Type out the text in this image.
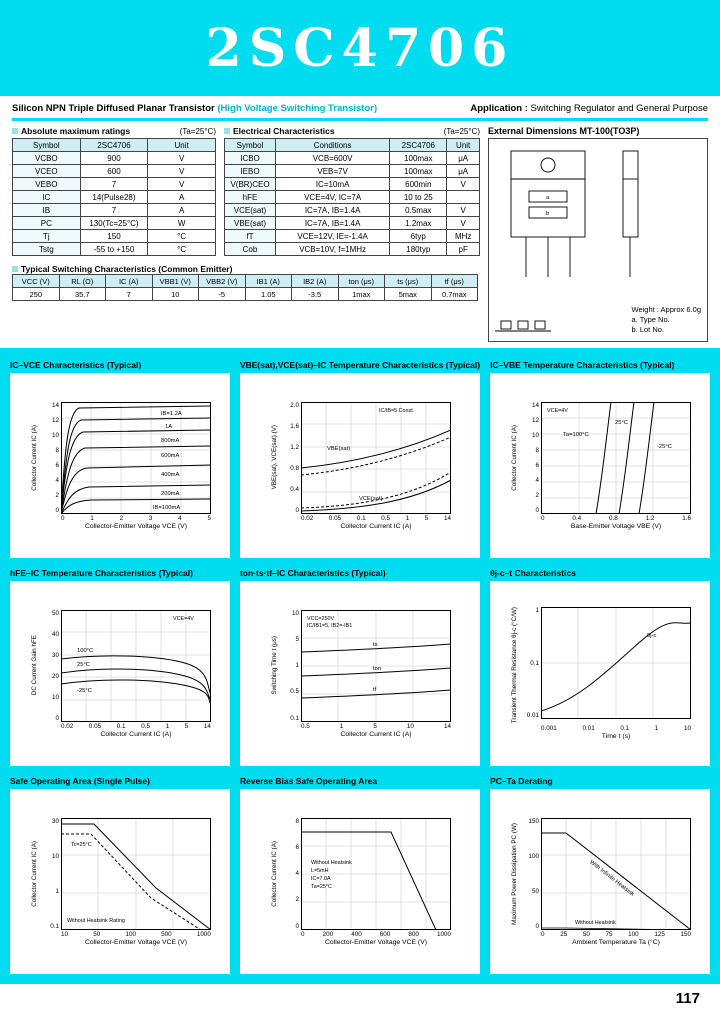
2SC4706
Silicon NPN Triple Diffused Planar Transistor (High Voltage Switching Transistor)	Application : Switching Regulator and General Purpose
Absolute maximum ratings	(Ta=25°C)
Symbol	2SC4706	Unit
VCBO	900	V
VCEO	600	V
VEBO	7	V
IC	14(Pulse28)	A
IB	7	A
PC	130(Tc=25°C)	W
Tj	150	°C
Tstg	-55 to +150	°C
Electrical Characteristics	(Ta=25°C)
Symbol	Conditions	2SC4706	Unit
ICBO	VCB=600V	100max	μA
IEBO	VEB=7V	100max	μA
V(BR)CEO	IC=10mA	600min	V
hFE	VCE=4V, IC=7A	10 to 25	
VCE(sat)	IC=7A, IB=1.4A	0.5max	V
VBE(sat)	IC=7A, IB=1.4A	1.2max	V
fT	VCE=12V, IE=-1.4A	6typ	MHz
Cob	VCB=10V, f=1MHz	180typ	pF
Typical Switching Characteristics (Common Emitter)
VCC (V)	RL (Ω)	IC (A)	VBB1 (V)	VBB2 (V)	IB1 (A)	IB2 (A)	ton (μs)	ts (μs)	tf (μs)
250	35.7	7	10	-5	1.05	-3.5	1max	5max	0.7max
External Dimensions MT-100(TO3P)
a
b
Weight : Approx 6.0g
a. Type No.
b. Lot No.
IC–VCE Characteristics (Typical)
Collector Current IC (A)
14
12
10
8
6
4
2
0
IB=1.2A
1A
800mA
600mA
400mA
200mA
IB=100mA
0	1	2	3	4	5
Collector-Emitter Voltage VCE (V)
VBE(sat),VCE(sat)–IC Temperature Characteristics (Typical)
VBE(sat), VCE(sat) (V)
2.0
1.6
1.2
0.8
0.4
0
VBE(sat)
VCE(sat)
IC/IB=5 Const.
0.02 0.05 0.1 0.5 1 5 14
Collector Current IC (A)
IC–VBE Temperature Characteristics (Typical)
Collector Current IC (A)
14
12
10
8
6
4
2
0
Ta=100°C
25°C
-25°C
VCE=4V
0	0.4	0.8	1.2	1.6
Base-Emitter Voltage VBE (V)
hFE–IC Temperature Characteristics (Typical)
DC Current Gain hFE
50
40
30
20
10
0
100°C
25°C
-25°C
VCE=4V
0.02 0.05 0.1 0.5 1 5 14
Collector Current IC (A)
ton·ts·tf–IC Characteristics (Typical)
Switching Time t (μs)
10
5
1
0.5
0.1
ts
ton
tf
VCC=250V
IC/IB1=5, IB2=-IB1
0.5	1	5	10	14
Collector Current IC (A)
θj-c–t Characteristics
Transient Thermal Resistance θj-c (°C/W)	1
0.1
0.01
θj-c
0.001	0.01	0.1	1	10
Time t (s)
Safe Operating Area (Single Pulse)
Collector Current IC (A)
30
10
1
0.1
Tc=25°C
Without Heatsink Rating
10	50	100	500	1000
Collector-Emitter Voltage VCE (V)
Reverse Bias Safe Operating Area
Collector Current IC (A)
8
6
4
2
0
Without Heatsink
L=5mH
IC=7.0A
Ta=25°C
0	200	400	600	800	1000
Collector-Emitter Voltage VCE (V)
PC–Ta Derating
Maximum Power Dissipation PC (W)
150
100
50
0
With Infinite Heatsink
Without Heatsink
0 25 50 75 100 125 150
Ambient Temperature Ta (°C)
117
